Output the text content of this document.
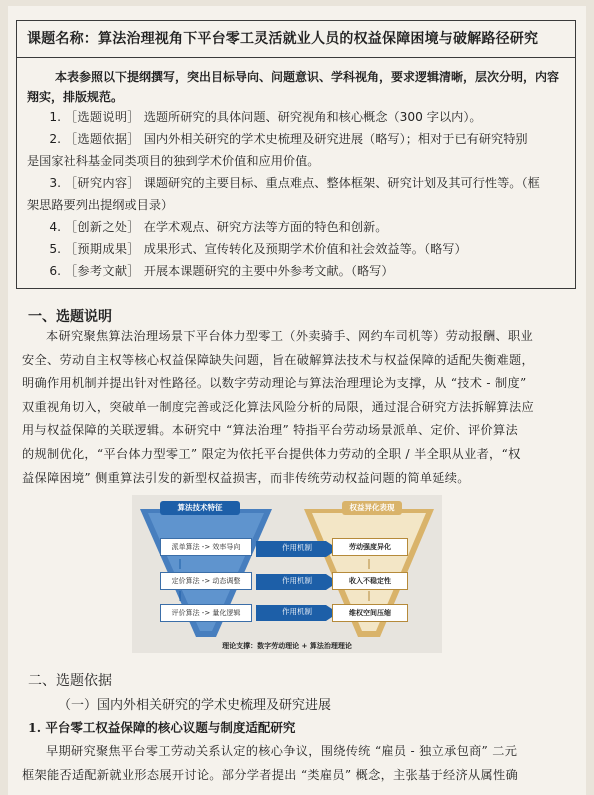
课题名称：算法治理视角下平台零工灵活就业人员的权益保障困境与破解路径研究
本表参照以下提纲撰写，突出目标导向、问题意识、学科视角，要求逻辑清晰，层次分明，内容翔实，排版规范。
1. ［选题说明］ 选题所研究的具体问题、研究视角和核心概念（300 字以内）。
2. ［选题依据］ 国内外相关研究的学术史梳理及研究进展（略写）；相对于已有研究特别
是国家社科基金同类项目的独到学术价值和应用价值。
3. ［研究内容］ 课题研究的主要目标、重点难点、整体框架、研究计划及其可行性等。（框
架思路要列出提纲或目录）
4. ［创新之处］ 在学术观点、研究方法等方面的特色和创新。
5. ［预期成果］ 成果形式、宣传转化及预期学术价值和社会效益等。（略写）
6. ［参考文献］ 开展本课题研究的主要中外参考文献。（略写）
一、选题说明
本研究聚焦算法治理场景下平台体力型零工（外卖骑手、网约车司机等）劳动报酬、职业
安全、劳动自主权等核心权益保障缺失问题，旨在破解算法技术与权益保障的适配失衡难题，
明确作用机制并提出针对性路径。以数字劳动理论与算法治理理论为支撑，从 “技术 - 制度”
双重视角切入，突破单一制度完善或泛化算法风险分析的局限，通过混合研究方法拆解算法应
用与权益保障的关联逻辑。本研究中 “算法治理” 特指平台劳动场景派单、定价、评价算法
的规制优化，“平台体力型零工” 限定为依托平台提供体力劳动的全职 / 半全职从业者，“权
益保障困境” 侧重算法引发的新型权益损害，而非传统劳动权益问题的简单延续。
算法技术特征	权益异化表现
派单算法 -> 效率导向
定价算法 -> 动态调整
评价算法 -> 量化逻辑
作用机制
作用机制
作用机制
劳动强度异化
收入不稳定性
维权空间压缩
理论支撑：数字劳动理论 + 算法治理理论
二、选题依据
（一）国内外相关研究的学术史梳理及研究进展
1. 平台零工权益保障的核心议题与制度适配研究
早期研究聚焦平台零工劳动关系认定的核心争议，围绕传统 “雇员 - 独立承包商” 二元
框架能否适配新就业形态展开讨论。部分学者提出 “类雇员” 概念，主张基于经济从属性确
